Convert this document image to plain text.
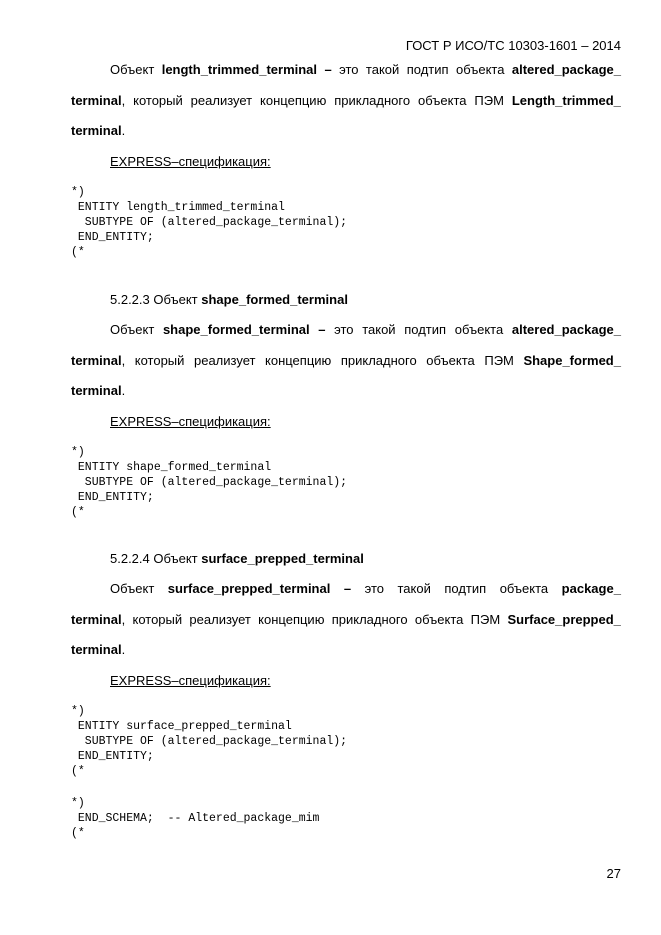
ГОСТ Р ИСО/ТС 10303-1601 – 2014
Объект length_trimmed_terminal – это такой подтип объекта altered_package_
terminal, который реализует концепцию прикладного объекта ПЭМ Length_trimmed_
terminal.
EXPRESS–спецификация:
*)
ENTITY length_trimmed_terminal
SUBTYPE OF (altered_package_terminal);
END_ENTITY;
(*
5.2.2.3 Объект shape_formed_terminal
Объект shape_formed_terminal – это такой подтип объекта altered_package_
terminal, который реализует концепцию прикладного объекта ПЭМ Shape_formed_
terminal.
EXPRESS–спецификация:
*)
ENTITY shape_formed_terminal
SUBTYPE OF (altered_package_terminal);
END_ENTITY;
(*
5.2.2.4 Объект surface_prepped_terminal
Объект surface_prepped_terminal – это такой подтип объекта package_
terminal, который реализует концепцию прикладного объекта ПЭМ Surface_prepped_
terminal.
EXPRESS–спецификация:
*)
ENTITY surface_prepped_terminal
SUBTYPE OF (altered_package_terminal);
END_ENTITY;
(*
*)
END_SCHEMA;  -- Altered_package_mim
(*
27
